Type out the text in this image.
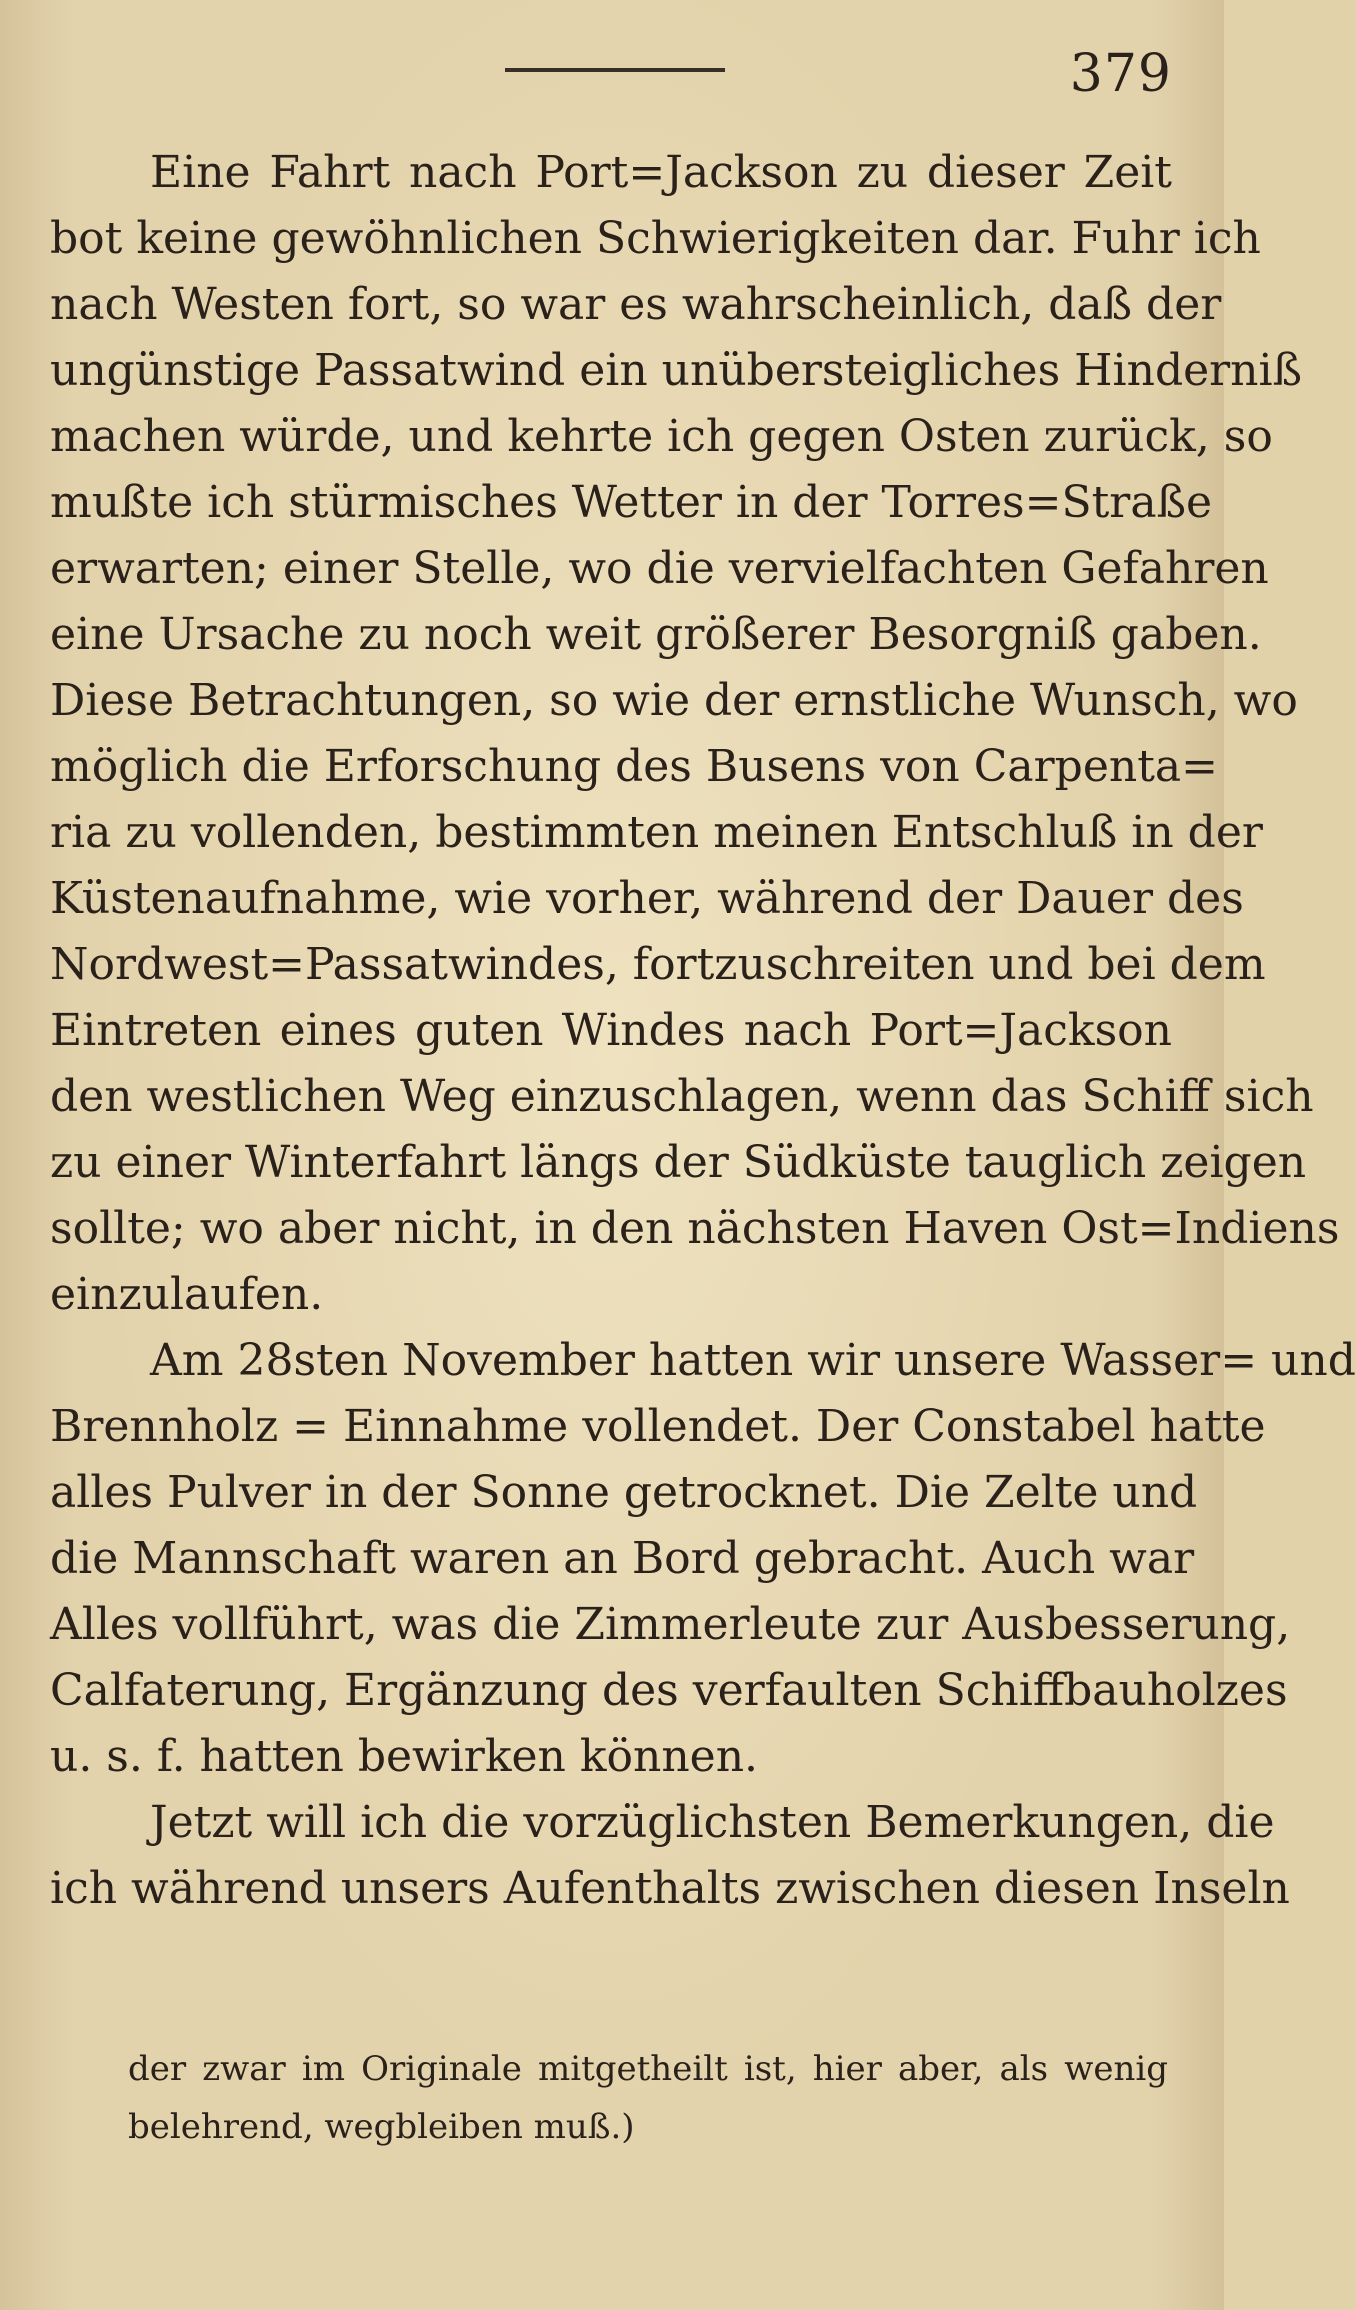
379
Eine Fahrt nach Port=Jackson zu dieser Zeit
bot keine gewöhnlichen Schwierigkeiten dar. Fuhr ich
nach Westen fort, so war es wahrscheinlich, daß der
ungünstige Passatwind ein unübersteigliches Hinderniß
machen würde, und kehrte ich gegen Osten zurück, so
mußte ich stürmisches Wetter in der Torres=Straße
erwarten; einer Stelle, wo die vervielfachten Gefahren
eine Ursache zu noch weit größerer Besorgniß gaben.
Diese Betrachtungen, so wie der ernstliche Wunsch, wo
möglich die Erforschung des Busens von Carpenta=
ria zu vollenden, bestimmten meinen Entschluß in der
Küstenaufnahme, wie vorher, während der Dauer des
Nordwest=Passatwindes, fortzuschreiten und bei dem
Eintreten eines guten Windes nach Port=Jackson
den westlichen Weg einzuschlagen, wenn das Schiff sich
zu einer Winterfahrt längs der Südküste tauglich zeigen
sollte; wo aber nicht, in den nächsten Haven Ost=Indiens
einzulaufen.
Am 28sten November hatten wir unsere Wasser= und
Brennholz = Einnahme vollendet. Der Constabel hatte
alles Pulver in der Sonne getrocknet. Die Zelte und
die Mannschaft waren an Bord gebracht. Auch war
Alles vollführt, was die Zimmerleute zur Ausbesserung,
Calfaterung, Ergänzung des verfaulten Schiffbauholzes
u. s. f. hatten bewirken können.
Jetzt will ich die vorzüglichsten Bemerkungen, die
ich während unsers Aufenthalts zwischen diesen Inseln
der zwar im Originale mitgetheilt ist, hier aber, als wenig
belehrend, wegbleiben muß.)
